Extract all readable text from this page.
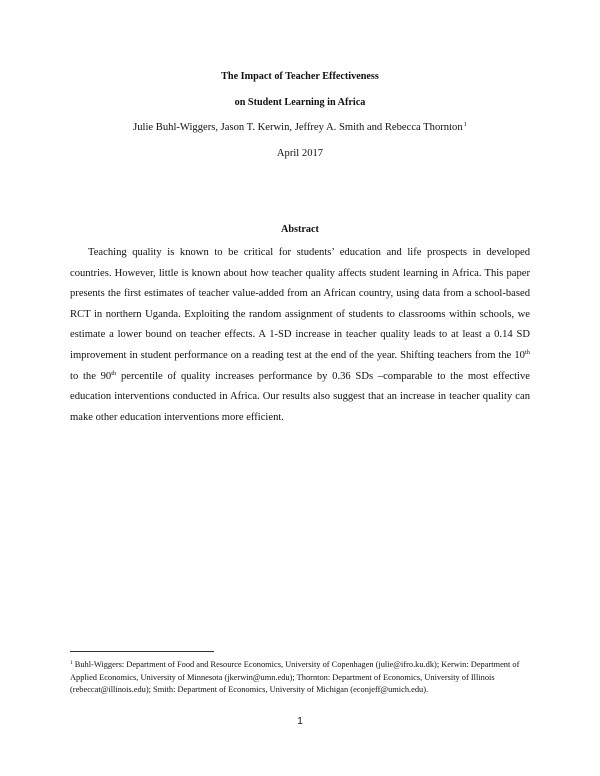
The Impact of Teacher Effectiveness
on Student Learning in Africa
Julie Buhl-Wiggers, Jason T. Kerwin, Jeffrey A. Smith and Rebecca Thornton$^1$
April 2017
Abstract

Teaching quality is known to be critical for students’ education and life prospects in developed countries. However, little is known about how teacher quality affects student learning in Africa. This paper presents the first estimates of teacher value-added from an African country, using data from a school-based RCT in northern Uganda. Exploiting the random assignment of students to classrooms within schools, we estimate a lower bound on teacher effects. A 1-SD increase in teacher quality leads to at least a 0.14 SD improvement in student performance on a reading test at the end of the year. Shifting teachers from the 10th to the 90th percentile of quality increases performance by 0.36 SDs –comparable to the most effective education interventions conducted in Africa. Our results also suggest that an increase in teacher quality can make other education interventions more efficient.

$^1$ Buhl-Wiggers: Department of Food and Resource Economics, University of Copenhagen (julie@ifro.ku.dk); Kerwin: Department of Applied Economics, University of Minnesota (jkerwin@umn.edu); Thornton: Department of Economics, University of Illinois (rebeccat@illinois.edu); Smith: Department of Economics, University of Michigan (econjeff@umich.edu).
1
